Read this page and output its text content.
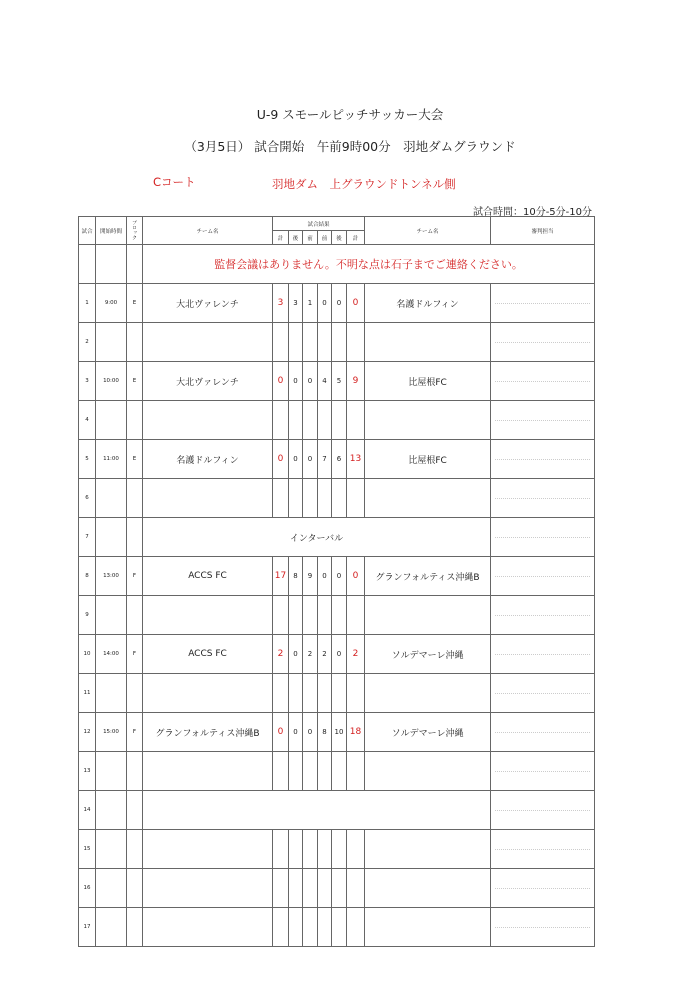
U-9 スモールピッチサッカー大会
（3月5日） 試合開始　午前9時00分　羽地ダムグラウンド
Cコート	羽地ダム　上グラウンドトンネル側
試合時間：10分-5分-10分
試合	開始時間	ブロック	チーム名	試合結果						チーム名	審判担当
				計	後	前	前	後	計		
			監督会議はありません。不明な点は石子までご連絡ください。								
1	9:00	E	大北ヴァレンチ	3	3	1	0	0	0	名護ドルフィン	

2											

3	10:00	E	大北ヴァレンチ	0	0	0	4	5	9	比屋根FC	

4											

5	11:00	E	名護ドルフィン	0	0	0	7	6	13	比屋根FC	

6											

7			インターバル								

8	13:00	F	ACCS FC	17	8	9	0	0	0	グランフォルティス沖縄B	

9											

10	14:00	F	ACCS FC	2	0	2	2	0	2	ソルデマーレ沖縄	

11											

12	15:00	F	グランフォルティス沖縄B	0	0	0	8	10	18	ソルデマーレ沖縄	

13											

14											

15											

16											

17											
